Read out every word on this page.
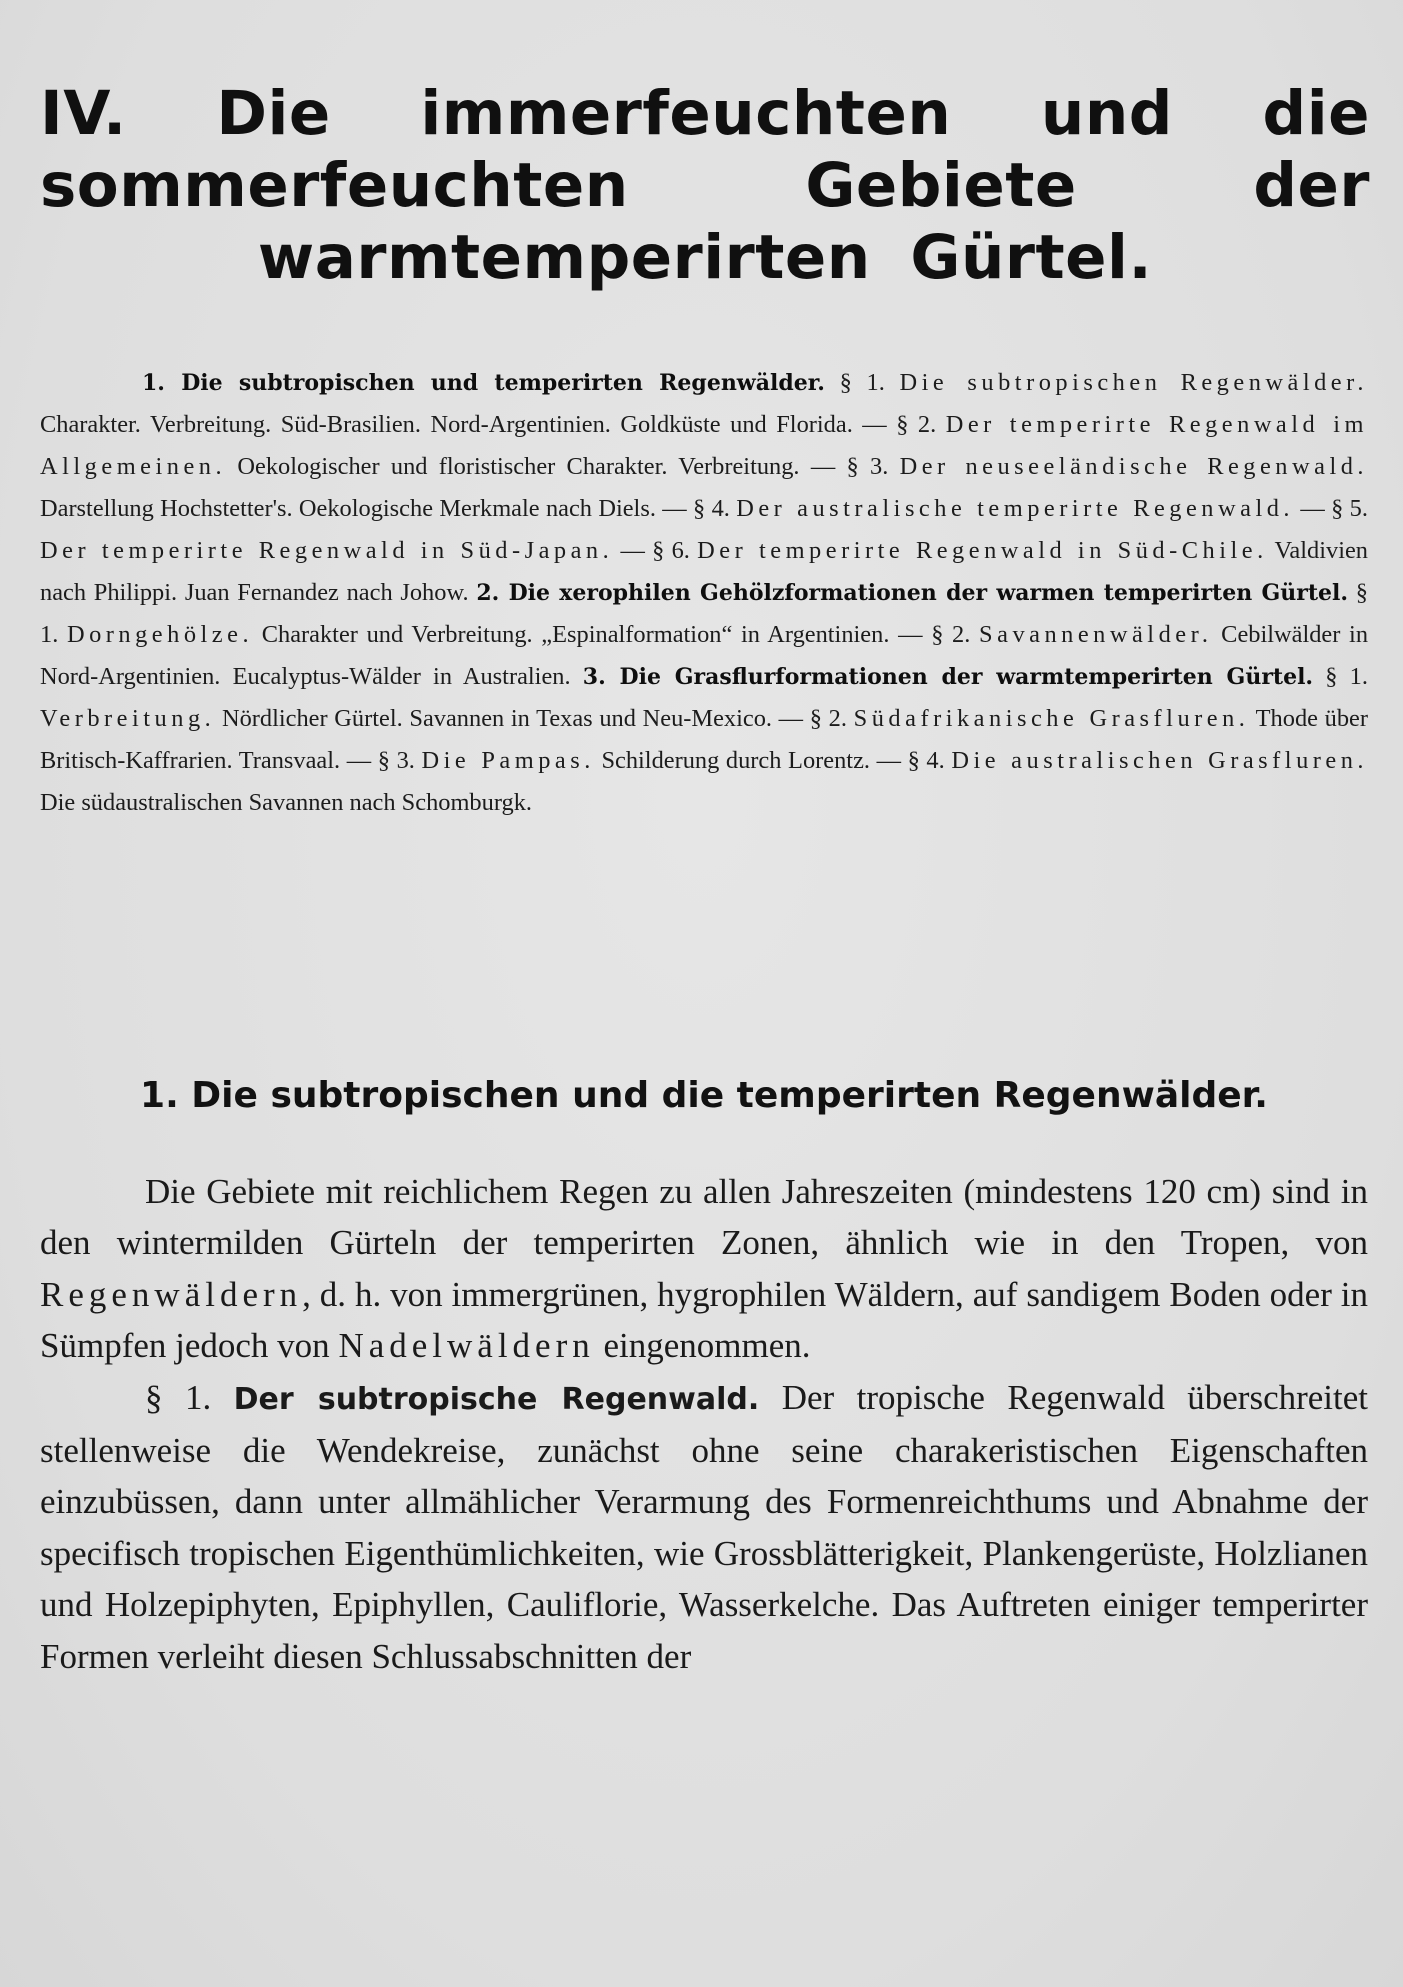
IV. Die immerfeuchten und die sommerfeuchten Gebiete der warmtemperirten Gürtel.

1. Die subtropischen und temperirten Regenwälder. § 1. Die subtropischen Regenwälder. Charakter. Verbreitung. Süd-Brasilien. Nord-Argentinien. Goldküste und Florida. — § 2. Der temperirte Regenwald im Allgemeinen. Oekologischer und floristischer Charakter. Verbreitung. — § 3. Der neuseeländische Regenwald. Darstellung Hochstetter's. Oekologische Merkmale nach Diels. — § 4. Der australische temperirte Regenwald. — § 5. Der temperirte Regenwald in Süd-Japan. — § 6. Der temperirte Regenwald in Süd-Chile. Valdivien nach Philippi. Juan Fernandez nach Johow. 2. Die xerophilen Gehölzformationen der warmen temperirten Gürtel. § 1. Dorngehölze. Charakter und Verbreitung. „Espinalformation“ in Argentinien. — § 2. Savannenwälder. Cebilwälder in Nord-Argentinien. Eucalyptus-Wälder in Australien. 3. Die Grasflurformationen der warmtemperirten Gürtel. § 1. Verbreitung. Nördlicher Gürtel. Savannen in Texas und Neu-Mexico. — § 2. Südafrikanische Grasfluren. Thode über Britisch-Kaffrarien. Transvaal. — § 3. Die Pampas. Schilderung durch Lorentz. — § 4. Die australischen Grasfluren. Die südaustralischen Savannen nach Schomburgk.

1. Die subtropischen und die temperirten Regenwälder.

Die Gebiete mit reichlichem Regen zu allen Jahreszeiten (mindestens 120 cm) sind in den wintermilden Gürteln der temperirten Zonen, ähnlich wie in den Tropen, von Regenwäldern, d. h. von immergrünen, hygrophilen Wäldern, auf sandigem Boden oder in Sümpfen jedoch von Nadelwäldern eingenommen.

§ 1. Der subtropische Regenwald. Der tropische Regenwald überschreitet stellenweise die Wendekreise, zunächst ohne seine charakeristischen Eigenschaften einzubüssen, dann unter allmählicher Verarmung des Formenreichthums und Abnahme der specifisch tropischen Eigenthümlichkeiten, wie Grossblätterigkeit, Plankengerüste, Holzlianen und Holzepiphyten, Epiphyllen, Cauliflorie, Wasserkelche. Das Auftreten einiger temperirter Formen verleiht diesen Schlussabschnitten der
